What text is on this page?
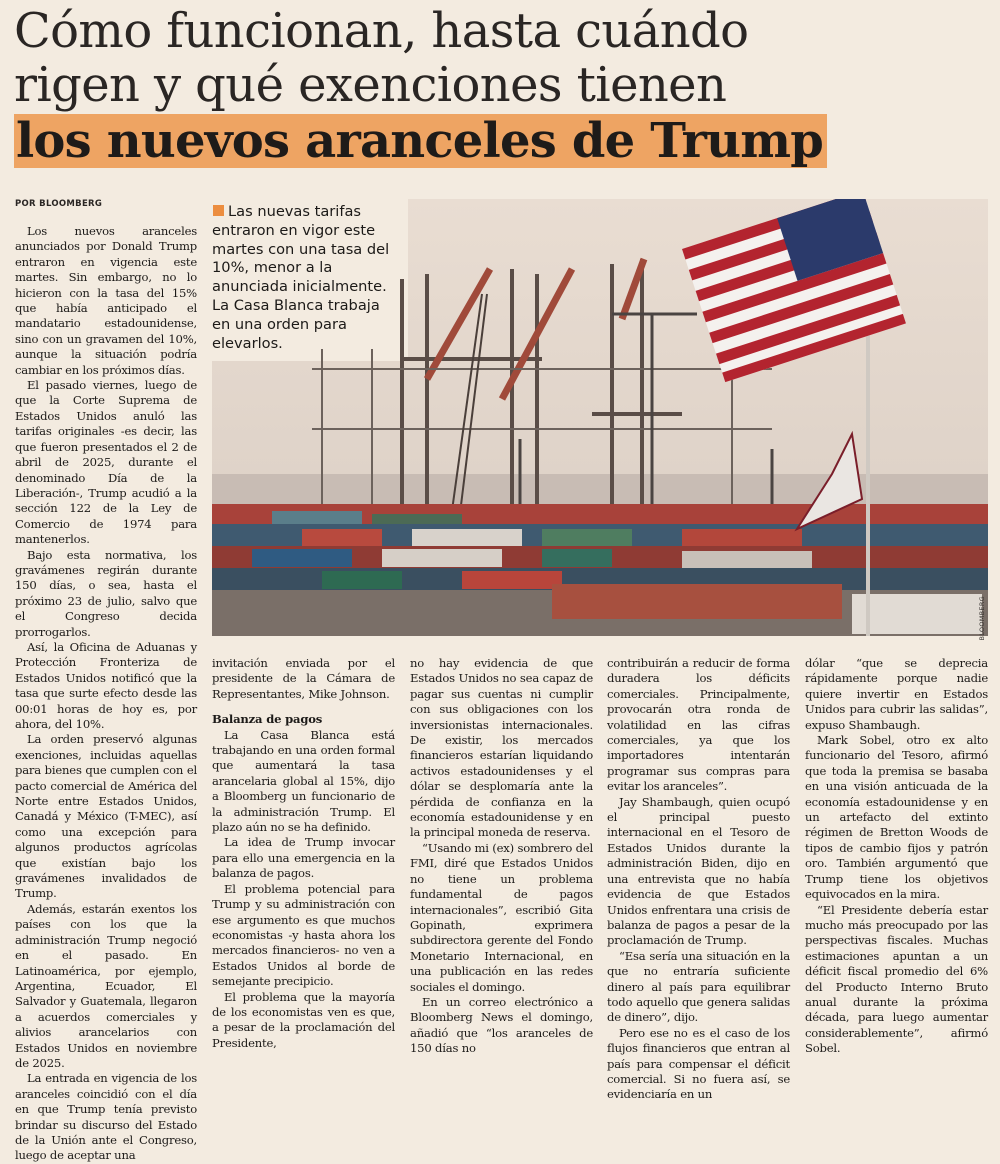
Cómo funcionan, hasta cuándo
rigen y qué exenciones tienen
los nuevos aranceles de Trump
POR BLOOMBERG	Las nuevas tarifas entraron en vigor este martes con una tasa del 10%, menor a la anunciada inicialmente. La Casa Blanca trabaja en una orden para elevarlos.
BLOOMBERG

Los nuevos aranceles anunciados por Donald Trump entraron en vigencia este martes. Sin embargo, no lo hicieron con la tasa del 15% que había anticipado el mandatario estadounidense, sino con un gravamen del 10%, aunque la situación podría cambiar en los próximos días.

El pasado viernes, luego de que la Corte Suprema de Estados Unidos anuló las tarifas originales -es decir, las que fueron presentados el 2 de abril de 2025, durante el denominado Día de la Liberación-, Trump acudió a la sección 122 de la Ley de Comercio de 1974 para mantenerlos.

Bajo esta normativa, los gravámenes regirán durante 150 días, o sea, hasta el próximo 23 de julio, salvo que el Congreso decida prorrogarlos.

Así, la Oficina de Aduanas y Protección Fronteriza de Estados Unidos notificó que la tasa que surte efecto desde las 00:01 horas de hoy es, por ahora, del 10%.

La orden preservó algunas exenciones, incluidas aquellas para bienes que cumplen con el pacto comercial de América del Norte entre Estados Unidos, Canadá y México (T-MEC), así como una excepción para algunos productos agrícolas que existían bajo los gravámenes invalidados de Trump.

Además, estarán exentos los países con los que la administración Trump negoció en el pasado. En Latinoamérica, por ejemplo, Argentina, Ecuador, El Salvador y Guatemala, llegaron a acuerdos comerciales y alivios arancelarios con Estados Unidos en noviembre de 2025.

La entrada en vigencia de los aranceles coincidió con el día en que Trump tenía previsto brindar su discurso del Estado de la Unión ante el Congreso, luego de aceptar una

invitación enviada por el presidente de la Cámara de Representantes, Mike Johnson.

Balanza de pagos

La Casa Blanca está trabajando en una orden formal que aumentará la tasa arancelaria global al 15%, dijo a Bloomberg un funcionario de la administración Trump. El plazo aún no se ha definido.

La idea de Trump invocar para ello una emergencia en la balanza de pagos.

El problema potencial para Trump y su administración con ese argumento es que muchos economistas -y hasta ahora los mercados financieros- no ven a Estados Unidos al borde de semejante precipicio.

El problema que la mayoría de los economistas ven es que, a pesar de la proclamación del Presidente,

no hay evidencia de que Estados Unidos no sea capaz de pagar sus cuentas ni cumplir con sus obligaciones con los inversionistas internacionales. De existir, los mercados financieros estarían liquidando activos estadounidenses y el dólar se desplomaría ante la pérdida de confianza en la economía estadounidense y en la principal moneda de reserva.

“Usando mi (ex) sombrero del FMI, diré que Estados Unidos no tiene un problema fundamental de pagos internacionales”, escribió Gita Gopinath, exprimera subdirectora gerente del Fondo Monetario Internacional, en una publicación en las redes sociales el domingo.

En un correo electrónico a Bloomberg News el domingo, añadió que “los aranceles de 150 días no

contribuirán a reducir de forma duradera los déficits comerciales. Principalmente, provocarán otra ronda de volatilidad en las cifras comerciales, ya que los importadores intentarán programar sus compras para evitar los aranceles”.

Jay Shambaugh, quien ocupó el principal puesto internacional en el Tesoro de Estados Unidos durante la administración Biden, dijo en una entrevista que no había evidencia de que Estados Unidos enfrentara una crisis de balanza de pagos a pesar de la proclamación de Trump.

“Esa sería una situación en la que no entraría suficiente dinero al país para equilibrar todo aquello que genera salidas de dinero”, dijo.

Pero ese no es el caso de los flujos financieros que entran al país para compensar el déficit comercial. Si no fuera así, se evidenciaría en un

dólar “que se deprecia rápidamente porque nadie quiere invertir en Estados Unidos para cubrir las salidas”, expuso Shambaugh.

Mark Sobel, otro ex alto funcionario del Tesoro, afirmó que toda la premisa se basaba en una visión anticuada de la economía estadounidense y en un artefacto del extinto régimen de Bretton Woods de tipos de cambio fijos y patrón oro. También argumentó que Trump tiene los objetivos equivocados en la mira.

“El Presidente debería estar mucho más preocupado por las perspectivas fiscales. Muchas estimaciones apuntan a un déficit fiscal promedio del 6% del Producto Interno Bruto anual durante la próxima década, para luego aumentar considerablemente”, afirmó Sobel.
